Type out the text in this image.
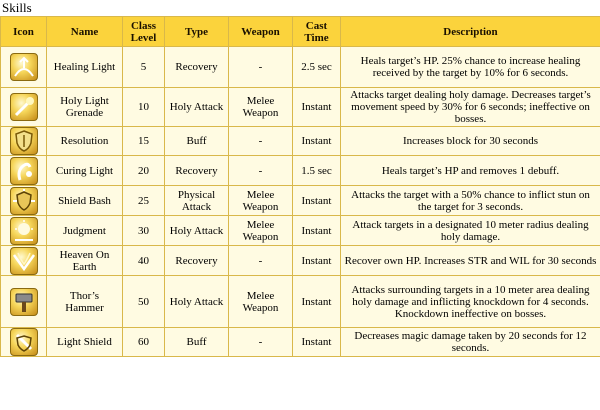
Skills
Icon	Name	Class Level	Type	Weapon	Cast Time	Description

	Healing Light	5	Recovery	-	2.5 sec	Heals target’s HP. 25% chance to increase healing received by the target by 10% for 6 seconds.

	Holy Light Grenade	10	Holy Attack	Melee Weapon	Instant	Attacks target dealing holy damage. Decreases target’s movement speed by 30% for 6 seconds; ineffective on bosses.

	Resolution	15	Buff	-	Instant	Increases block for 30 seconds

	Curing Light	20	Recovery	-	1.5 sec	Heals target’s HP and removes 1 debuff.

	Shield Bash	25	Physical Attack	Melee Weapon	Instant	Attacks the target with a 50% chance to inflict stun on the target for 3 seconds.

	Judgment	30	Holy Attack	Melee Weapon	Instant	Attack targets in a designated 10 meter radius dealing holy damage.

	Heaven On Earth	40	Recovery	-	Instant	Recover own HP. Increases STR and WIL for 30 seconds

	Thor’s Hammer	50	Holy Attack	Melee Weapon	Instant	Attacks surrounding targets in a 10 meter area dealing holy damage and inflicting knockdown for 4 seconds. Knockdown ineffective on bosses.

	Light Shield	60	Buff	-	Instant	Decreases magic damage taken by 20 seconds for 12 seconds.
